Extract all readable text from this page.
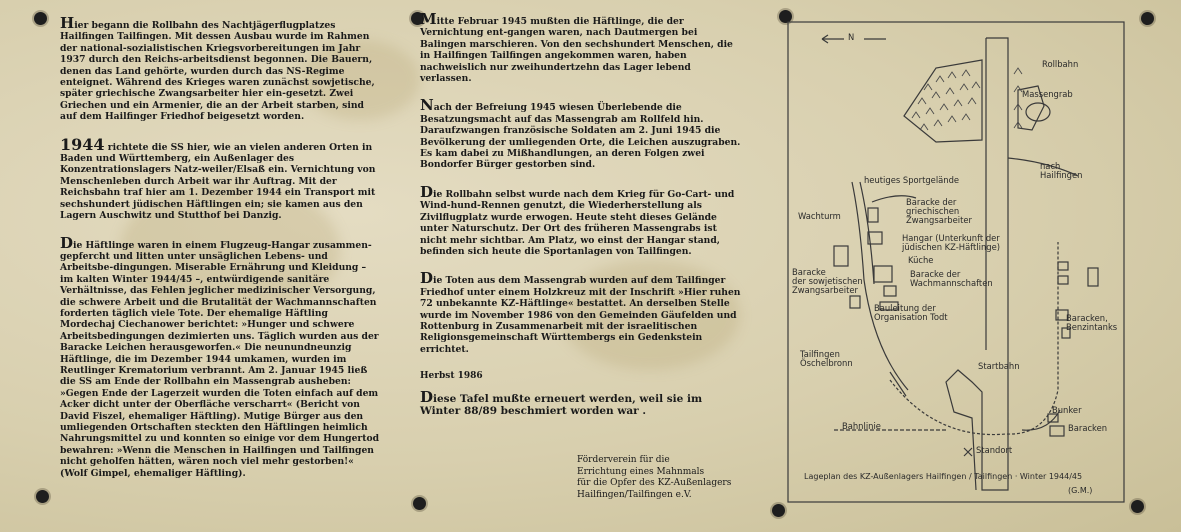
Hier begann die Rollbahn des Nachtjägerflugplatzes Hailfingen Tailfingen. Mit dessen Ausbau wurde im Rahmen der national-sozialistischen Kriegsvorbereitungen im Jahr 1937 durch den Reichs-arbeitsdienst begonnen. Die Bauern, denen das Land gehörte, wurden durch das NS-Regime enteignet. Während des Krieges waren zunächst sowjetische, später griechische Zwangsarbeiter hier ein-gesetzt. Zwei Griechen und ein Armenier, die an der Arbeit starben, sind auf dem Hailfinger Friedhof beigesetzt worden.

1944 richtete die SS hier, wie an vielen anderen Orten in Baden und Württemberg, ein Außenlager des Konzentrationslagers Natz-weiler/Elsaß ein. Vernichtung von Menschenleben durch Arbeit war ihr Auftrag. Mit der Reichsbahn traf hier am 1. Dezember 1944 ein Transport mit sechshundert jüdischen Häftlingen ein; sie kamen aus den Lagern Auschwitz und Stutthof bei Danzig.

Die Häftlinge waren in einem Flugzeug-Hangar zusammen-gepfercht und litten unter unsäglichen Lebens- und Arbeitsbe-dingungen. Miserable Ernährung und Kleidung – im kalten Winter 1944/45 –, entwürdigende sanitäre Verhältnisse, das Fehlen jeglicher medizinischer Versorgung, die schwere Arbeit und die Brutalität der Wachmannschaften forderten täglich viele Tote. Der ehemalige Häftling Mordechaj Ciechanower berichtet: »Hunger und schwere Arbeitsbedingungen dezimierten uns. Täglich wurden aus der Baracke Leichen herausgeworfen.« Die neunundneunzig Häftlinge, die im Dezember 1944 umkamen, wurden im Reutlinger Krematorium verbrannt. Am 2. Januar 1945 ließ die SS am Ende der Rollbahn ein Massengrab ausheben: »Gegen Ende der Lagerzeit wurden die Toten einfach auf dem Acker dicht unter der Oberfläche verscharrt« (Bericht von David Fiszel, ehemaliger Häftling). Mutige Bürger aus den umliegenden Ortschaften steckten den Häftlingen heimlich Nahrungsmittel zu und konnten so einige vor dem Hungertod bewahren: »Wenn die Menschen in Hailfingen und Tailfingen nicht geholfen hätten, wären noch viel mehr gestorben!« (Wolf Gimpel, ehemaliger Häftling).

Mitte Februar 1945 mußten die Häftlinge, die der Vernichtung ent-gangen waren, nach Dautmergen bei Balingen marschieren. Von den sechshundert Menschen, die in Hailfingen Tailfingen angekommen waren, haben nachweislich nur zweihundertzehn das Lager lebend verlassen.

Nach der Befreiung 1945 wiesen Überlebende die Besatzungsmacht auf das Massengrab am Rollfeld hin. Daraufzwangen französische Soldaten am 2. Juni 1945 die Bevölkerung der umliegenden Orte, die Leichen auszugraben. Es kam dabei zu Mißhandlungen, an deren Folgen zwei Bondorfer Bürger gestorben sind.

Die Rollbahn selbst wurde nach dem Krieg für Go-Cart- und Wind-hund-Rennen genutzt, die Wiederherstellung als Zivilflugplatz wurde erwogen. Heute steht dieses Gelände unter Naturschutz. Der Ort des früheren Massengrabs ist nicht mehr sichtbar. Am Platz, wo einst der Hangar stand, befinden sich heute die Sportanlagen von Tailfingen.

Die Toten aus dem Massengrab wurden auf dem Tailfinger Friedhof unter einem Holzkreuz mit der Inschrift »Hier ruhen 72 unbekannte KZ-Häftlinge« bestattet. An derselben Stelle wurde im November 1986 von den Gemeinden Gäufelden und Rottenburg in Zusammenarbeit mit der israelitischen Religionsgemeinschaft Württembergs ein Gedenkstein errichtet.

Herbst 1986

Diese Tafel mußte erneuert werden, weil sie im Winter 88/89 beschmiert worden war .

Förderverein für die
Errichtung eines Mahnmals
für die Opfer des KZ-Außenlagers
Hailfingen/Tailfingen e.V.
N
Rollbahn
Massengrab
nach
Hailfingen
heutiges Sportgelände
Baracke der
griechischen
Zwangsarbeiter
Wachturm
Hangar (Unterkunft der
jüdischen KZ-Häftlinge)
Küche
Baracke
der sowjetischen
Zwangsarbeiter
Baracke der
Wachmannschaften
Bauleitung der
Organisation Todt	Baracken,
Benzintanks
Tailfingen
Öschelbronn	Startbahn
Bahnlinie
Bunker
Baracken
Standort
Lageplan des KZ-Außenlagers Hailfingen / Tailfingen · Winter 1944/45
(G.M.)
